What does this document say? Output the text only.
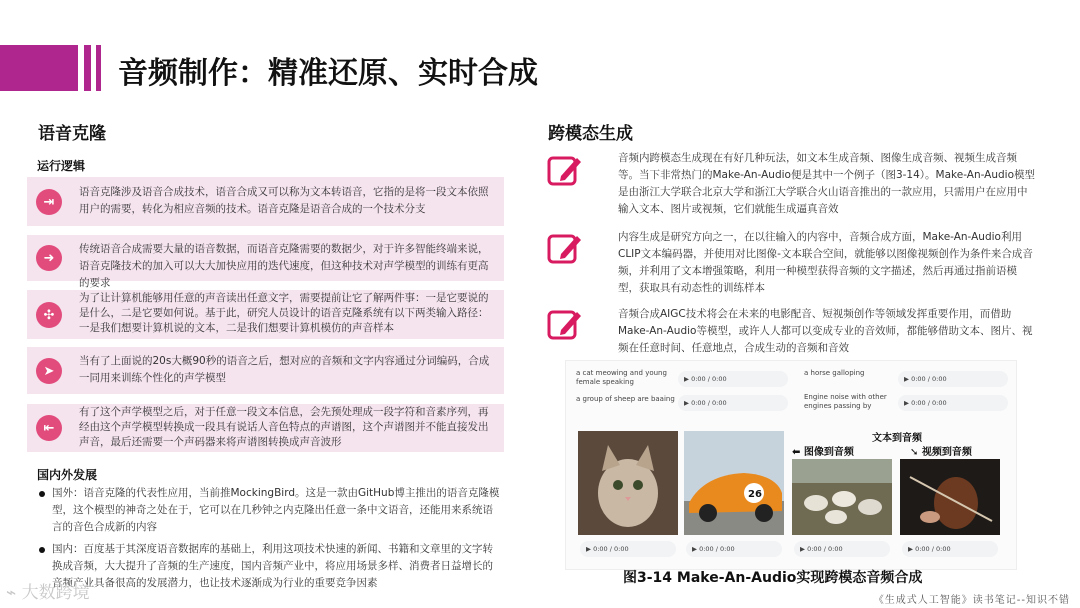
音频制作：精准还原、实时合成
语音克隆
运行逻辑
⇥
语音克隆涉及语音合成技术，语音合成又可以称为文本转语音，它指的是将一段文本依照用户的需要，转化为相应音频的技术。语音克隆是语音合成的一个技术分支
➜
传统语音合成需要大量的语音数据，而语音克隆需要的数据少，对于许多智能终端来说，语音克隆技术的加入可以大大加快应用的迭代速度，但这种技术对声学模型的训练有更高的要求
✣
为了让计算机能够用任意的声音读出任意文字，需要提前让它了解两件事：一是它要说的是什么，二是它要如何说。基于此，研究人员设计的语音克隆系统有以下两类输入路径：一是我们想要计算机说的文本，二是我们想要计算机模仿的声音样本
➤
当有了上面说的20s大概90秒的语音之后，想对应的音频和文字内容通过分词编码，合成一同用来训练个性化的声学模型
⇤
有了这个声学模型之后，对于任意一段文本信息，会先预处理成一段字符和音素序列，再经由这个声学模型转换成一段具有说话人音色特点的声谱图，这个声谱图并不能直接发出声音，最后还需要一个声码器来将声谱图转换成声音波形
国内外发展
国外：语音克隆的代表性应用，当前推MockingBird。这是一款由GitHub博主推出的语音克隆模型，这个模型的神奇之处在于，它可以在几秒钟之内克隆出任意一条中文语音，还能用来系统语言的音色合成新的内容
国内：百度基于其深度语音数据库的基础上，利用这项技术快速的新闻、书籍和文章里的文字转换成音频，大大提升了音频的生产速度，国内音频产业中，将应用场景多样、消费者日益增长的音频产业具备很高的发展潜力，也让技术逐渐成为行业的重要竞争因素
跨模态生成
音频内跨模态生成现在有好几种玩法，如文本生成音频、图像生成音频、视频生成音频等。当下非常热门的Make-An-Audio便是其中一个例子（图3-14）。Make-An-Audio模型是由浙江大学联合北京大学和浙江大学联合火山语音推出的一款应用，只需用户在应用中输入文本、图片或视频，它们就能生成逼真音效
内容生成是研究方向之一，在以往输入的内容中，音频合成方面，Make-An-Audio利用CLIP文本编码器，并使用对比图像-文本联合空间，就能够以图像视频创作为条件来合成音频，并利用了文本增强策略，利用一种模型获得音频的文字描述，然后再通过指前语模型，获取具有动态性的训练样本
音频合成AIGC技术将会在未来的电影配音、短视频创作等领域发挥重要作用，而借助Make-An-Audio等模型，或许人人都可以变成专业的音效师，都能够借助文本、图片、视频在任意时间、任意地点，合成生动的音频和音效
a cat meowing and young female speaking	▶ 0:00 / 0:00
a group of sheep are baaing	▶ 0:00 / 0:00
a horse galloping
▶ 0:00 / 0:00
Engine noise with other engines passing by	▶ 0:00 / 0:00
文本到音频
⬅ 图像到音频	➘ 视频到音频
26
▶ 0:00 / 0:00	▶ 0:00 / 0:00	▶ 0:00 / 0:00	▶ 0:00 / 0:00
图3-14 Make-An-Audio实现跨模态音频合成
⌁ 大数跨境	《生成式人工智能》读书笔记--知识不错
